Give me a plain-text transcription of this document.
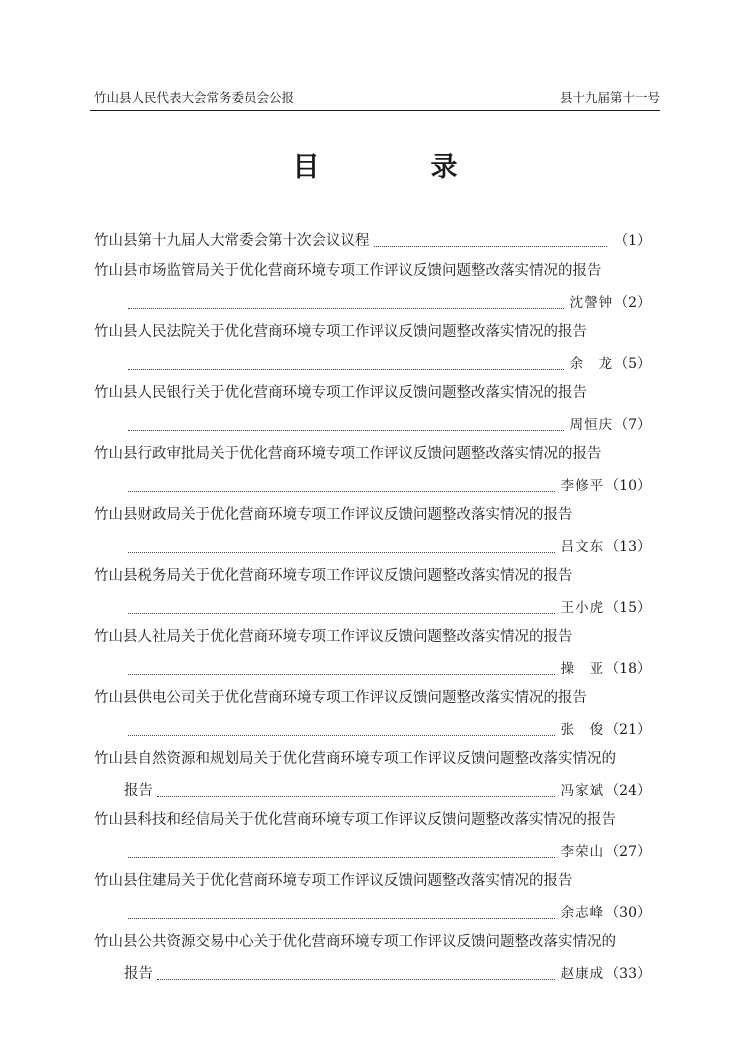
竹山县人民代表大会常务委员会公报	县十九届第十一号
目　录
竹山县第十九届人大常委会第十次会议议程	（1）
竹山县市场监管局关于优化营商环境专项工作评议反馈问题整改落实情况的报告
沈謦钟 （2）
竹山县人民法院关于优化营商环境专项工作评议反馈问题整改落实情况的报告
余　龙 （5）
竹山县人民银行关于优化营商环境专项工作评议反馈问题整改落实情况的报告
周恒庆 （7）
竹山县行政审批局关于优化营商环境专项工作评议反馈问题整改落实情况的报告
李修平 （10）
竹山县财政局关于优化营商环境专项工作评议反馈问题整改落实情况的报告
吕文东 （13）
竹山县税务局关于优化营商环境专项工作评议反馈问题整改落实情况的报告
王小虎 （15）
竹山县人社局关于优化营商环境专项工作评议反馈问题整改落实情况的报告
操　亚 （18）
竹山县供电公司关于优化营商环境专项工作评议反馈问题整改落实情况的报告
张　俊 （21）
竹山县自然资源和规划局关于优化营商环境专项工作评议反馈问题整改落实情况的
报告	冯家斌 （24）
竹山县科技和经信局关于优化营商环境专项工作评议反馈问题整改落实情况的报告
李荣山 （27）
竹山县住建局关于优化营商环境专项工作评议反馈问题整改落实情况的报告
余志峰 （30）
竹山县公共资源交易中心关于优化营商环境专项工作评议反馈问题整改落实情况的
报告	赵康成 （33）
